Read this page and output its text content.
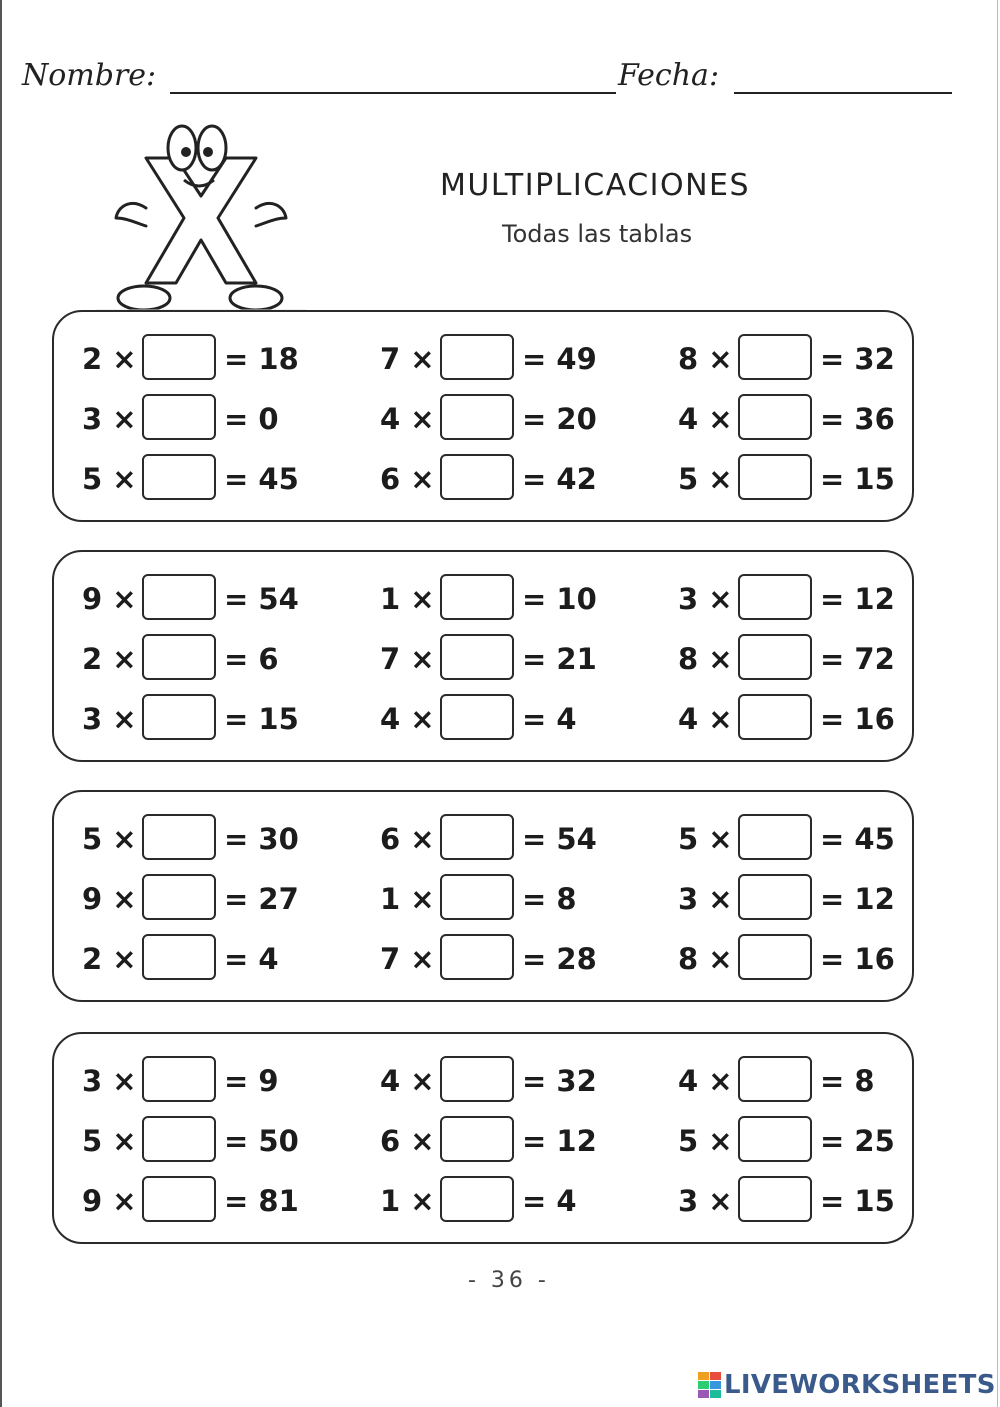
Nombre:	Fecha:
MULTIPLICACIONES
Todas las tablas
2 ×	= 18	7 ×	= 49	8 ×	= 32
3 ×	= 0	4 ×	= 20	4 ×	= 36
5 ×	= 45	6 ×	= 42	5 ×	= 15
9 ×	= 54	1 ×	= 10	3 ×	= 12
2 ×	= 6	7 ×	= 21	8 ×	= 72
3 ×	= 15	4 ×	= 4	4 ×	= 16
5 ×	= 30	6 ×	= 54	5 ×	= 45
9 ×	= 27	1 ×	= 8	3 ×	= 12
2 ×	= 4	7 ×	= 28	8 ×	= 16
3 ×	= 9	4 ×	= 32	4 ×	= 8
5 ×	= 50	6 ×	= 12	5 ×	= 25
9 ×	= 81	1 ×	= 4	3 ×	= 15
- 36 -
LIVEWORKSHEETS
